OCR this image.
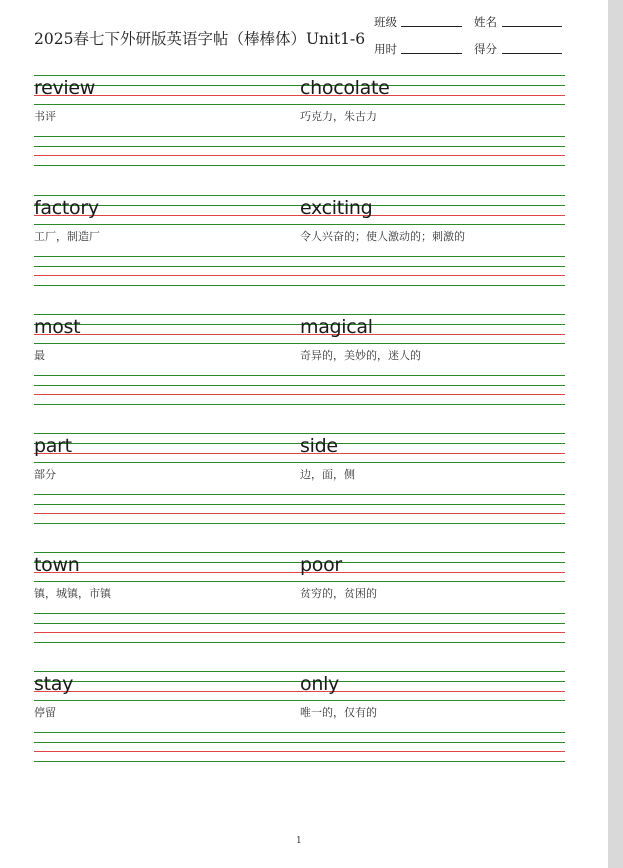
2025春七下外研版英语字帖（棒棒体）Unit1-6
班级	姓名
用时	得分
review
书评
chocolate
巧克力，朱古力
factory
工厂，制造厂
exciting
令人兴奋的；使人激动的；刺激的
most
最
magical
奇异的，美妙的，迷人的
part
部分
side
边，面，侧
town
镇，城镇，市镇
poor
贫穷的，贫困的
stay
停留
only
唯一的，仅有的
1
